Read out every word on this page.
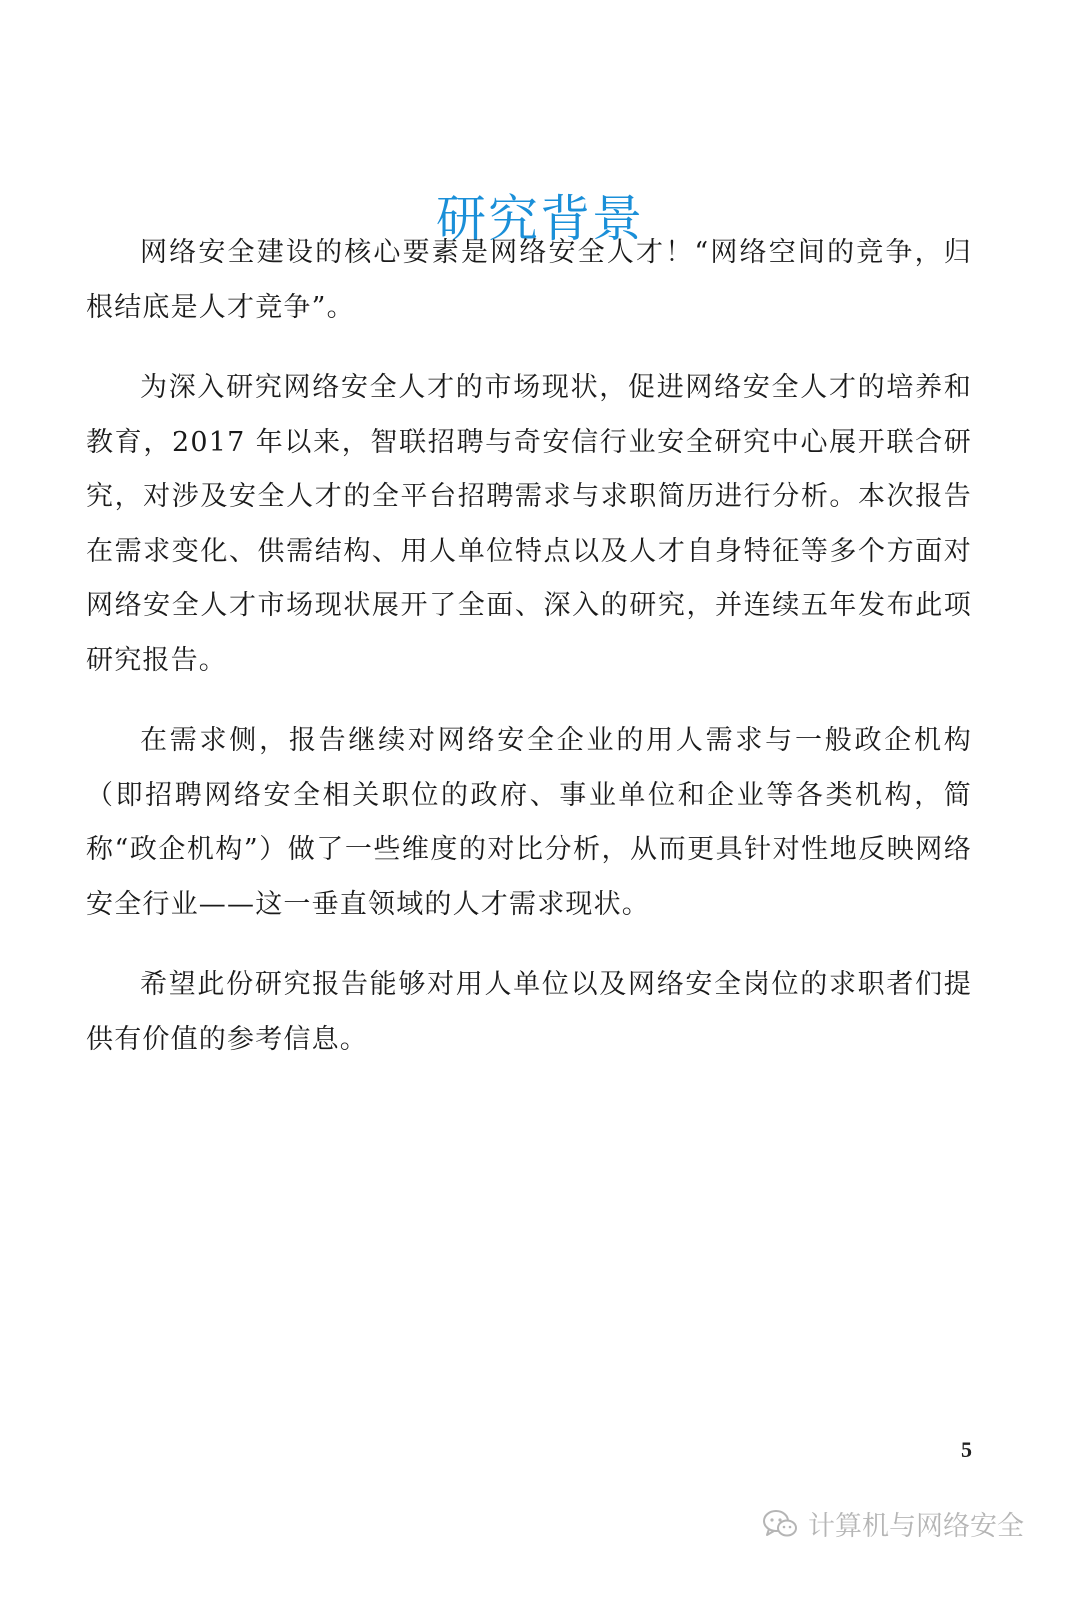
研究背景

网络安全建设的核心要素是网络安全人才！“网络空间的竞争，归根结底是人才竞争”。

为深入研究网络安全人才的市场现状，促进网络安全人才的培养和教育，2017 年以来，智联招聘与奇安信行业安全研究中心展开联合研究，对涉及安全人才的全平台招聘需求与求职简历进行分析。本次报告在需求变化、供需结构、用人单位特点以及人才自身特征等多个方面对网络安全人才市场现状展开了全面、深入的研究，并连续五年发布此项研究报告。

在需求侧，报告继续对网络安全企业的用人需求与一般政企机构（即招聘网络安全相关职位的政府、事业单位和企业等各类机构，简称“政企机构”）做了一些维度的对比分析，从而更具针对性地反映网络安全行业——这一垂直领域的人才需求现状。

希望此份研究报告能够对用人单位以及网络安全岗位的求职者们提供有价值的参考信息。

5
计算机与网络安全
